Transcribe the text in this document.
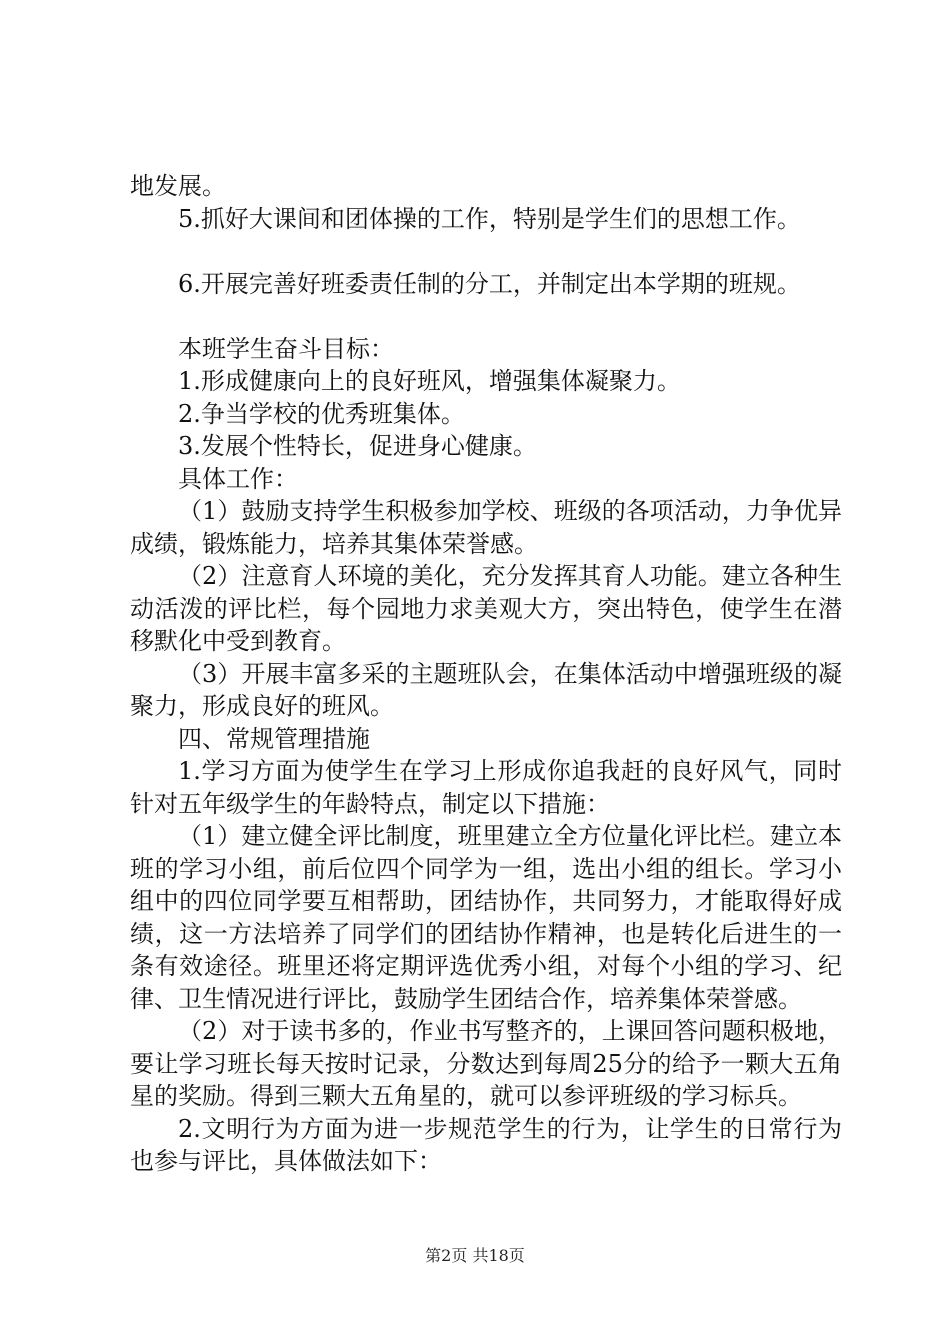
地发展。

5.抓好大课间和团体操的工作，特别是学生们的思想工作。

6.开展完善好班委责任制的分工，并制定出本学期的班规。

本班学生奋斗目标：

1.形成健康向上的良好班风，增强集体凝聚力。

2.争当学校的优秀班集体。

3.发展个性特长，促进身心健康。

具体工作：

（1）鼓励支持学生积极参加学校、班级的各项活动，力争优异成绩，锻炼能力，培养其集体荣誉感。

（2）注意育人环境的美化，充分发挥其育人功能。建立各种生动活泼的评比栏，每个园地力求美观大方，突出特色，使学生在潜移默化中受到教育。

（3）开展丰富多采的主题班队会，在集体活动中增强班级的凝聚力，形成良好的班风。

四、常规管理措施

1.学习方面为使学生在学习上形成你追我赶的良好风气，同时针对五年级学生的年龄特点，制定以下措施：

（1）建立健全评比制度，班里建立全方位量化评比栏。建立本班的学习小组，前后位四个同学为一组，选出小组的组长。学习小组中的四位同学要互相帮助，团结协作，共同努力，才能取得好成绩，这一方法培养了同学们的团结协作精神，也是转化后进生的一条有效途径。班里还将定期评选优秀小组，对每个小组的学习、纪律、卫生情况进行评比，鼓励学生团结合作，培养集体荣誉感。

（2）对于读书多的，作业书写整齐的，上课回答问题积极地，要让学习班长每天按时记录，分数达到每周25分的给予一颗大五角星的奖励。得到三颗大五角星的，就可以参评班级的学习标兵。

2.文明行为方面为进一步规范学生的行为，让学生的日常行为也参与评比，具体做法如下：

第2页 共18页
